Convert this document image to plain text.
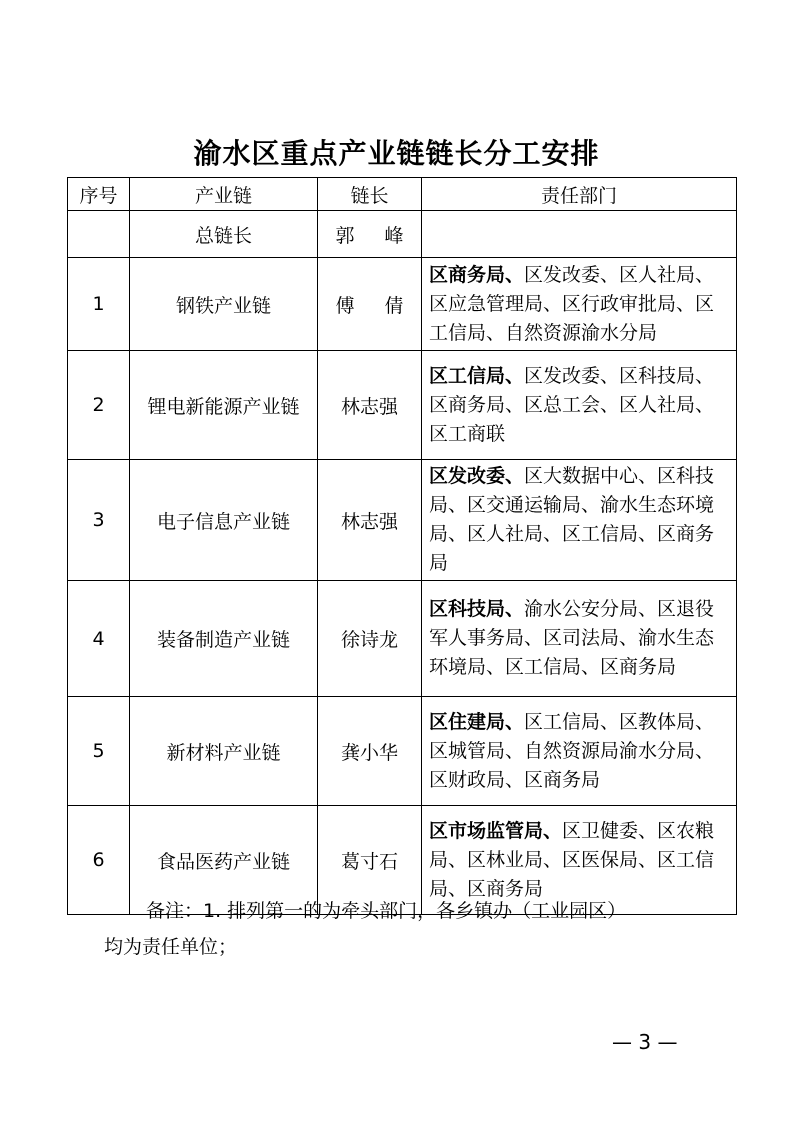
渝水区重点产业链链长分工安排
序号	产业链	链长	责任部门
	总链长	郭 峰	
1	钢铁产业链	傅 倩	区商务局、区发改委、区人社局、区应急管理局、区行政审批局、区工信局、自然资源渝水分局
2	锂电新能源产业链	林志强	区工信局、区发改委、区科技局、区商务局、区总工会、区人社局、区工商联
3	电子信息产业链	林志强	区发改委、区大数据中心、区科技局、区交通运输局、渝水生态环境局、区人社局、区工信局、区商务局
4	装备制造产业链	徐诗龙	区科技局、渝水公安分局、区退役军人事务局、区司法局、渝水生态环境局、区工信局、区商务局
5	新材料产业链	龚小华	区住建局、区工信局、区教体局、区城管局、自然资源局渝水分局、区财政局、区商务局
6	食品医药产业链	葛寸石	区市场监管局、区卫健委、区农粮局、区林业局、区医保局、区工信局、区商务局
备注：1. 排列第一的为牵头部门，各乡镇办（工业园区）
均为责任单位；
— 3 —
